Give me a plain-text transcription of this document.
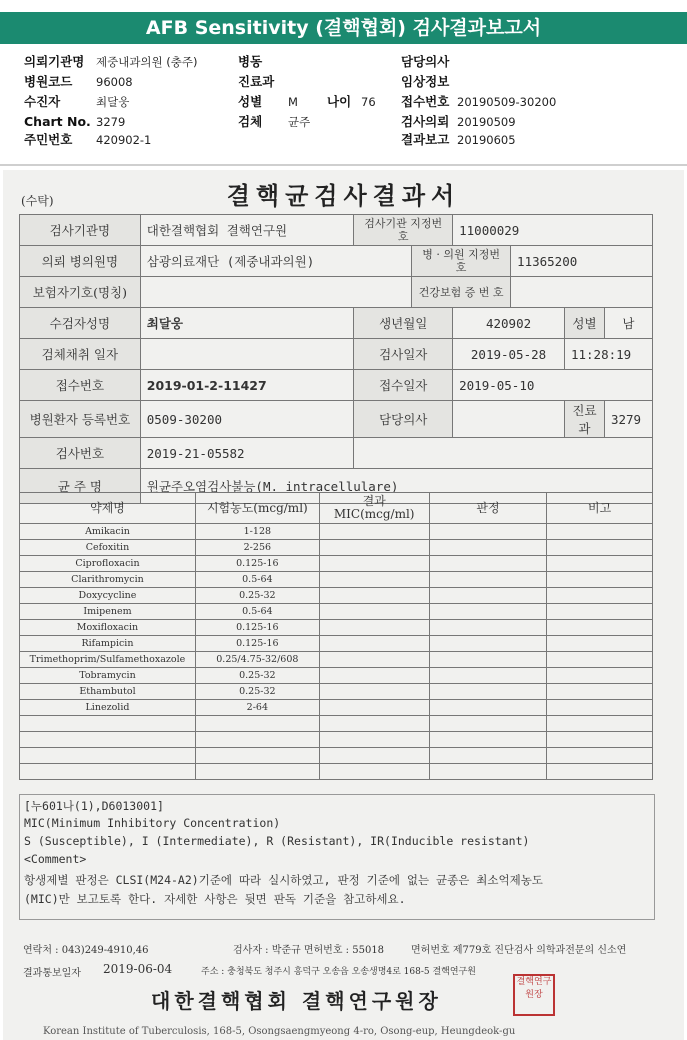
AFB Sensitivity (결핵협회) 검사결과보고서
의뢰기관명 제중내과의원 (충주)	병동	담당의사
병원코드 96008	진료과	임상정보
수진자	최달웅	성별 M 나이 76 접수번호 20190509-30200
Chart No. 3279	검체 균주	검사의뢰 20190509
주민번호 420902-1	결과보고 20190605
결핵균검사결과서
(수탁)
검사기관명	대한결핵협회 결핵연구원	검사기관 지정번호		11000029			
의뢰 병의원명	삼광의료재단 (제중내과의원)		병 · 의원 지정번호		11365200		
보험자기호(명칭)			건강보험 증 번 호				
수검자성명	최달웅	생년월일		420902		성별	남
검체채취 일자		검사일자		2019-05-28		11:28:19	
접수번호	2019-01-2-11427	접수일자		2019-05-10			
병원환자 등록번호	0509-30200	담당의사				진료과	3279
검사번호	2019-21-05582						
균 주 명	원균주오염검사불능(M. intracellulare)						
약제명	시험농도(mcg/ml)	결과 MIC(mcg/ml)	판정	비고
Amikacin	1-128			
Cefoxitin	2-256			
Ciprofloxacin	0.125-16			
Clarithromycin	0.5-64			
Doxycycline	0.25-32			
Imipenem	0.5-64			
Moxifloxacin	0.125-16			
Rifampicin	0.125-16			
Trimethoprim/Sulfamethoxazole	0.25/4.75-32/608			
Tobramycin	0.25-32			
Ethambutol	0.25-32			
Linezolid	2-64			

[누601나(1),D6013001]
MIC(Minimum Inhibitory Concentration)
S (Susceptible), I (Intermediate), R (Resistant), IR(Inducible resistant)
<Comment>
항생제별 판정은 CLSI(M24-A2)기준에 따라 실시하였고, 판정 기준에 없는 균종은 최소억제농도
(MIC)만 보고토록 한다. 자세한 사항은 뒷면 판독 기준을 참고하세요.
연락처 : 043)249-4910,46	검사자 : 박준규 면허번호 : 55018	면허번호 제779호 진단검사 의학과전문의 신소연
결과통보일자 2019-06-04	주소 : 충청북도 청주시 흥덕구 오송읍 오송생명4로 168-5 결핵연구원
대한결핵협회 결핵연구원장
결핵연구원장
Korean Institute of Tuberculosis, 168-5, Osongsaengmyeong 4-ro, Osong-eup, Heungdeok-gu
